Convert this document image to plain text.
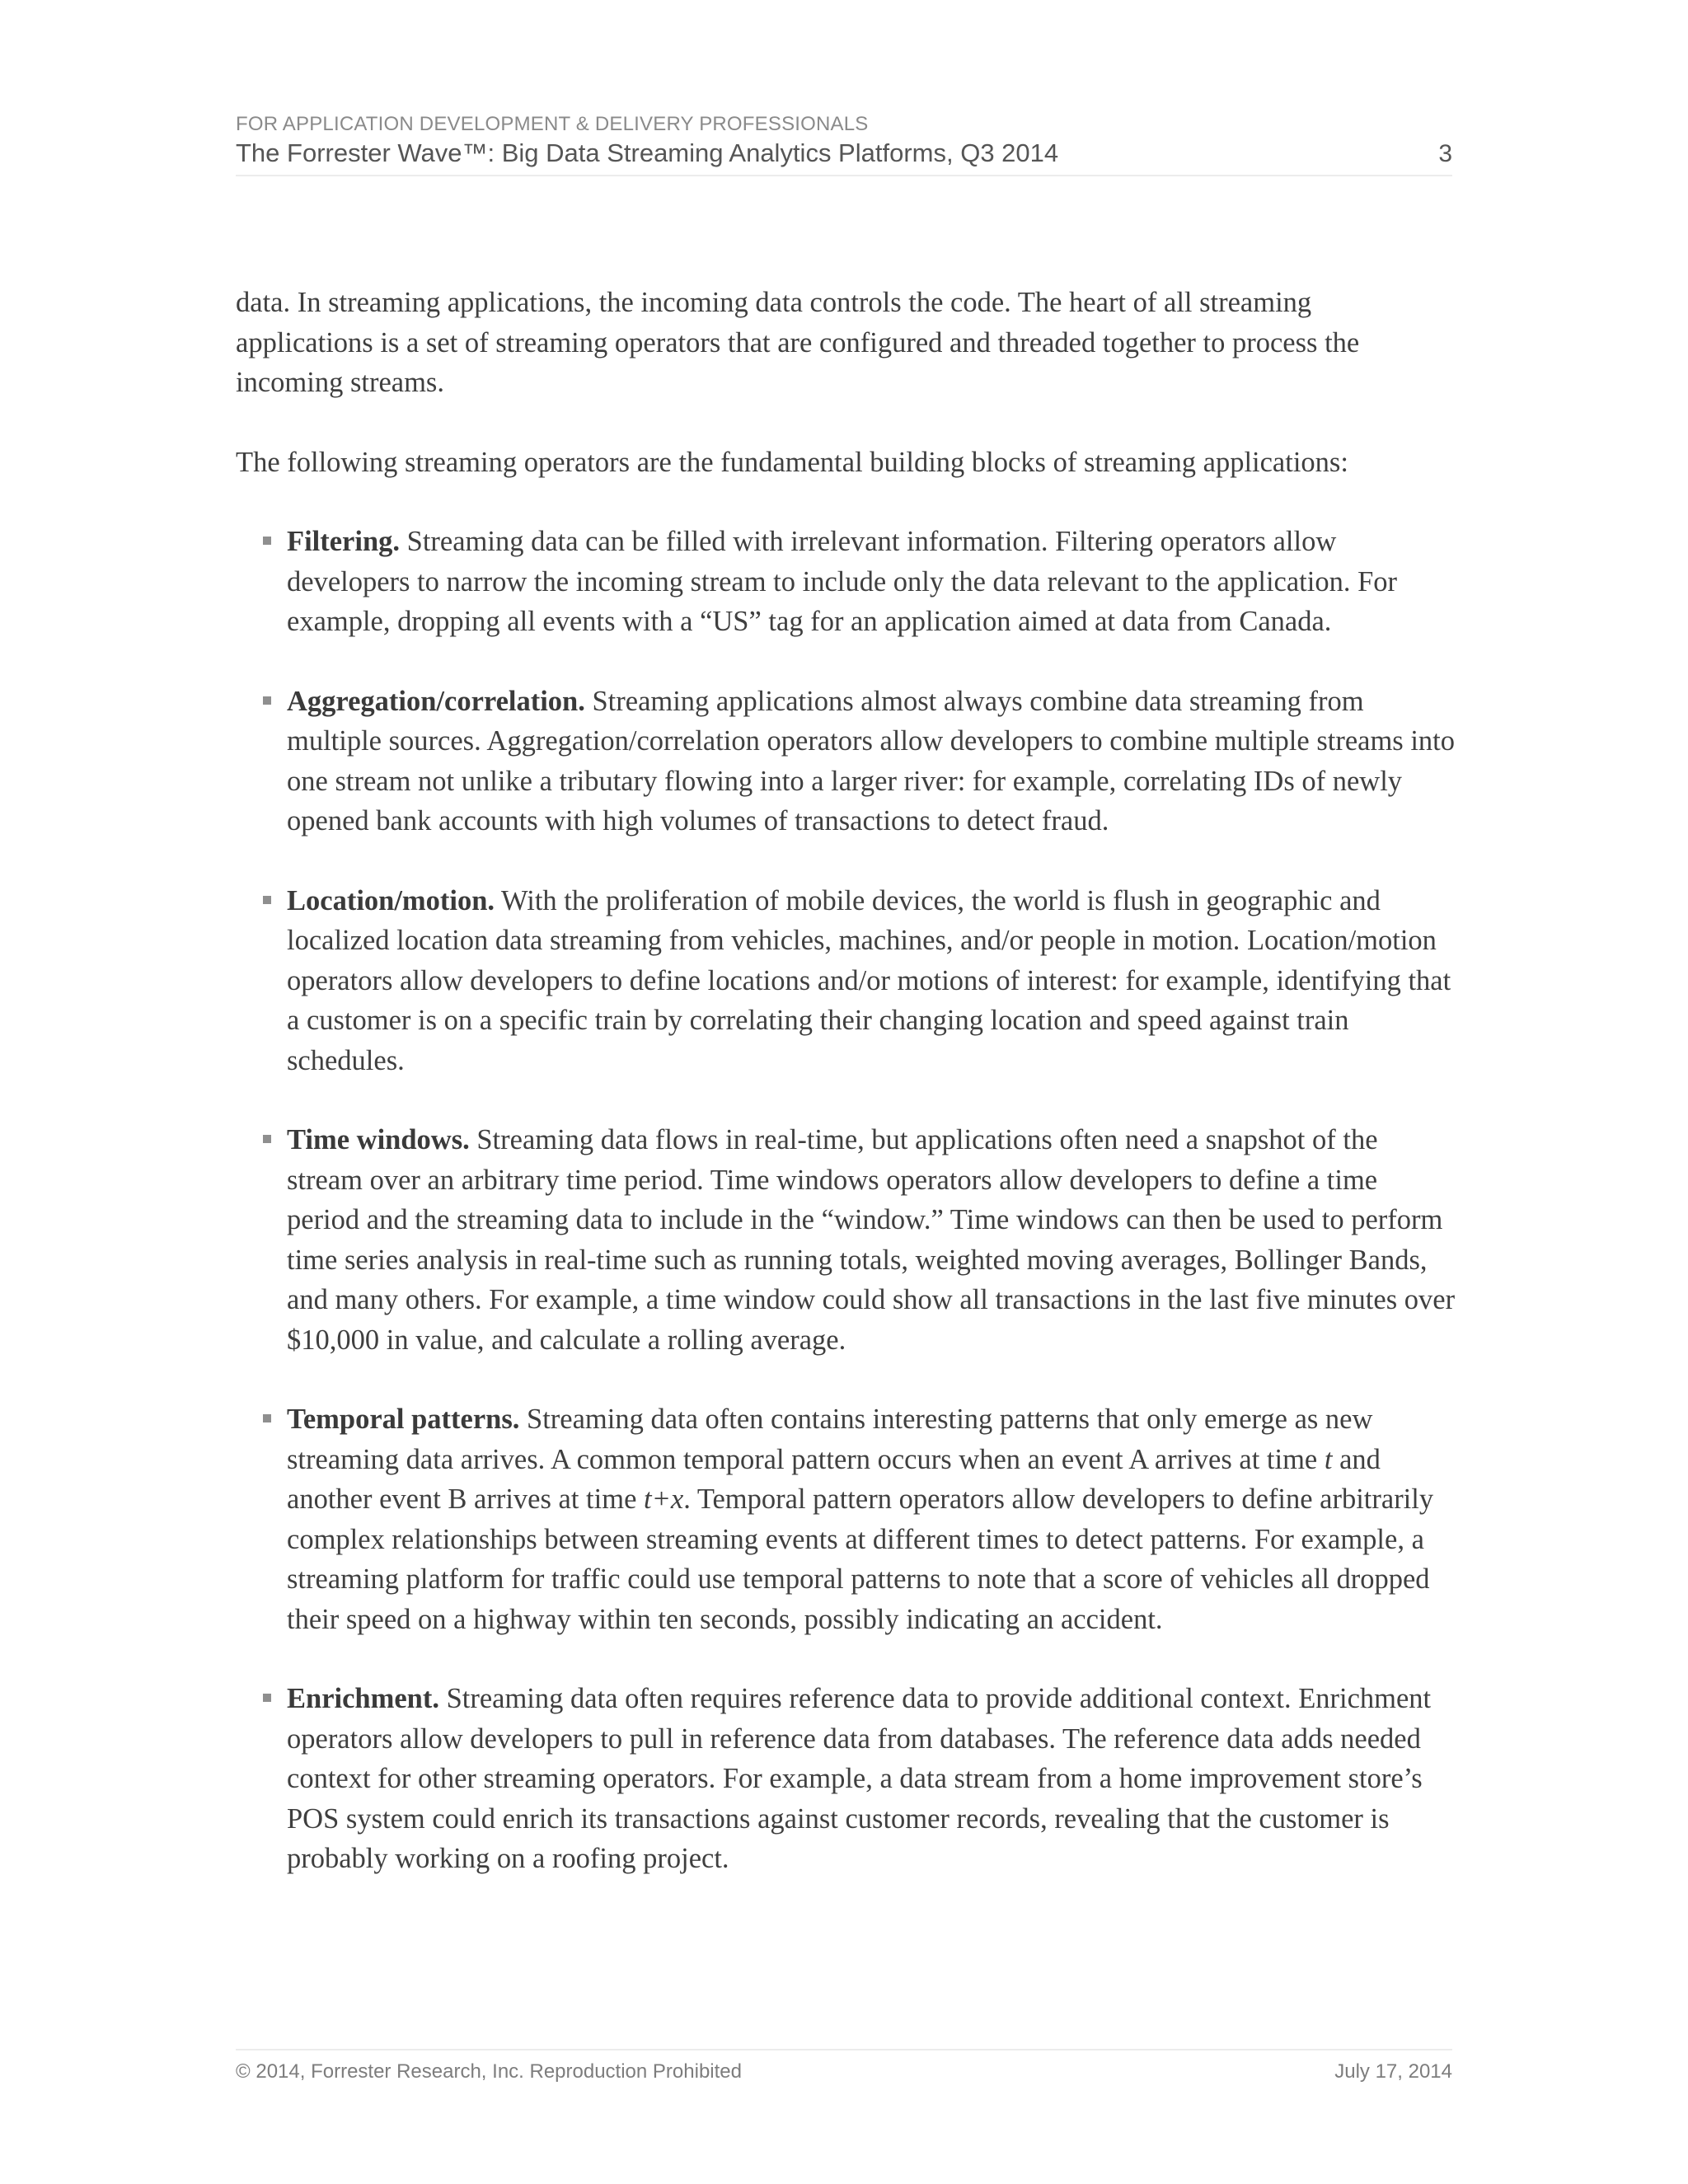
FOR APPLICATION DEVELOPMENT & DELIVERY PROFESSIONALS
The Forrester Wave™: Big Data Streaming Analytics Platforms, Q3 2014	3

data. In streaming applications, the incoming data controls the code. The heart of all streaming applications is a set of streaming operators that are configured and threaded together to process the incoming streams.

The following streaming operators are the fundamental building blocks of streaming applications:

Filtering. Streaming data can be filled with irrelevant information. Filtering operators allow developers to narrow the incoming stream to include only the data relevant to the application. For example, dropping all events with a “US” tag for an application aimed at data from Canada.
Aggregation/correlation. Streaming applications almost always combine data streaming from multiple sources. Aggregation/correlation operators allow developers to combine multiple streams into one stream not unlike a tributary flowing into a larger river: for example, correlating IDs of newly opened bank accounts with high volumes of transactions to detect fraud.
Location/motion. With the proliferation of mobile devices, the world is flush in geographic and localized location data streaming from vehicles, machines, and/or people in motion. Location/motion operators allow developers to define locations and/or motions of interest: for example, identifying that a customer is on a specific train by correlating their changing location and speed against train schedules.
Time windows. Streaming data flows in real-time, but applications often need a snapshot of the stream over an arbitrary time period. Time windows operators allow developers to define a time period and the streaming data to include in the “window.” Time windows can then be used to perform time series analysis in real-time such as running totals, weighted moving averages, Bollinger Bands, and many others. For example, a time window could show all transactions in the last five minutes over $10,000 in value, and calculate a rolling average.
Temporal patterns. Streaming data often contains interesting patterns that only emerge as new streaming data arrives. A common temporal pattern occurs when an event A arrives at time t and another event B arrives at time t+x. Temporal pattern operators allow developers to define arbitrarily complex relationships between streaming events at different times to detect patterns. For example, a streaming platform for traffic could use temporal patterns to note that a score of vehicles all dropped their speed on a highway within ten seconds, possibly indicating an accident.
Enrichment. Streaming data often requires reference data to provide additional context. Enrichment operators allow developers to pull in reference data from databases. The reference data adds needed context for other streaming operators. For example, a data stream from a home improvement store’s POS system could enrich its transactions against customer records, revealing that the customer is probably working on a roofing project.
© 2014, Forrester Research, Inc. Reproduction Prohibited	July 17, 2014
